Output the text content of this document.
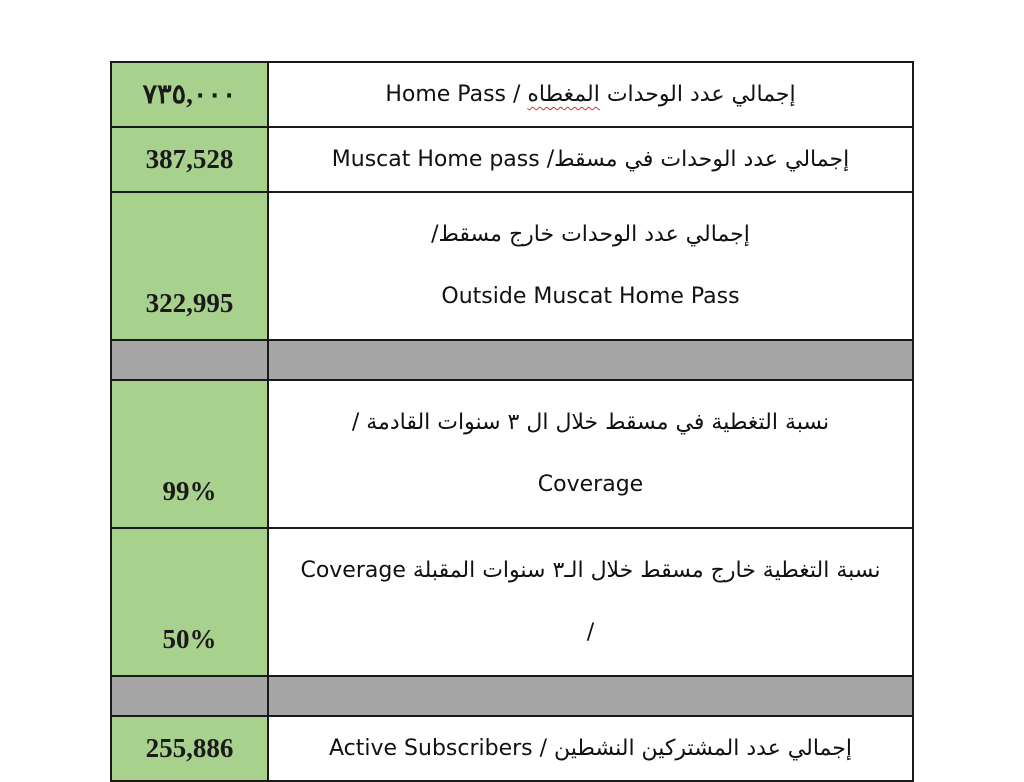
٧٣٥,٠٠٠	Home Pass / إجمالي عدد الوحدات المغطاه
387,528	Muscat Home pass إجمالي عدد الوحدات في مسقط/
322,995	إجمالي عدد الوحدات خارج مسقط/
Outside Muscat Home Pass

99%	نسبة التغطية في مسقط خلال ال ٣ سنوات القادمة /
Coverage

50%	نسبة التغطية خارج مسقط خلال الـ٣ سنوات المقبلة Coverage
/

255,886	Active Subscribers / إجمالي عدد المشتركين النشطين
